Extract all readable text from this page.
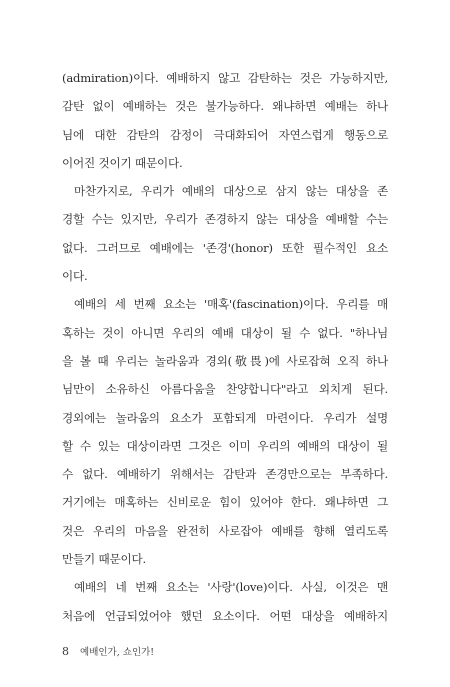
(admiration)이다. 예배하지 않고 감탄하는 것은 가능하지만,
감탄 없이 예배하는 것은 불가능하다. 왜냐하면 예배는 하나
님에 대한 감탄의 감정이 극대화되어 자연스럽게 행동으로
이어진 것이기 때문이다.

마찬가지로, 우리가 예배의 대상으로 삼지 않는 대상을 존
경할 수는 있지만, 우리가 존경하지 않는 대상을 예배할 수는
없다. 그러므로 예배에는 '존경'(honor) 또한 필수적인 요소
이다.

예배의 세 번째 요소는 '매혹'(fascination)이다. 우리를 매
혹하는 것이 아니면 우리의 예배 대상이 될 수 없다. "하나님
을 볼 때 우리는 놀라움과 경외(敬畏)에 사로잡혀 오직 하나
님만이 소유하신 아름다움을 찬양합니다"라고 외치게 된다.
경외에는 놀라움의 요소가 포함되게 마련이다. 우리가 설명
할 수 있는 대상이라면 그것은 이미 우리의 예배의 대상이 될
수 없다. 예배하기 위해서는 감탄과 존경만으로는 부족하다.
거기에는 매혹하는 신비로운 힘이 있어야 한다. 왜냐하면 그
것은 우리의 마음을 완전히 사로잡아 예배를 향해 열리도록
만들기 때문이다.

예배의 네 번째 요소는 '사랑'(love)이다. 사실, 이것은 맨
처음에 언급되었어야 했던 요소이다. 어떤 대상을 예배하지

8 예배인가, 쇼인가!
